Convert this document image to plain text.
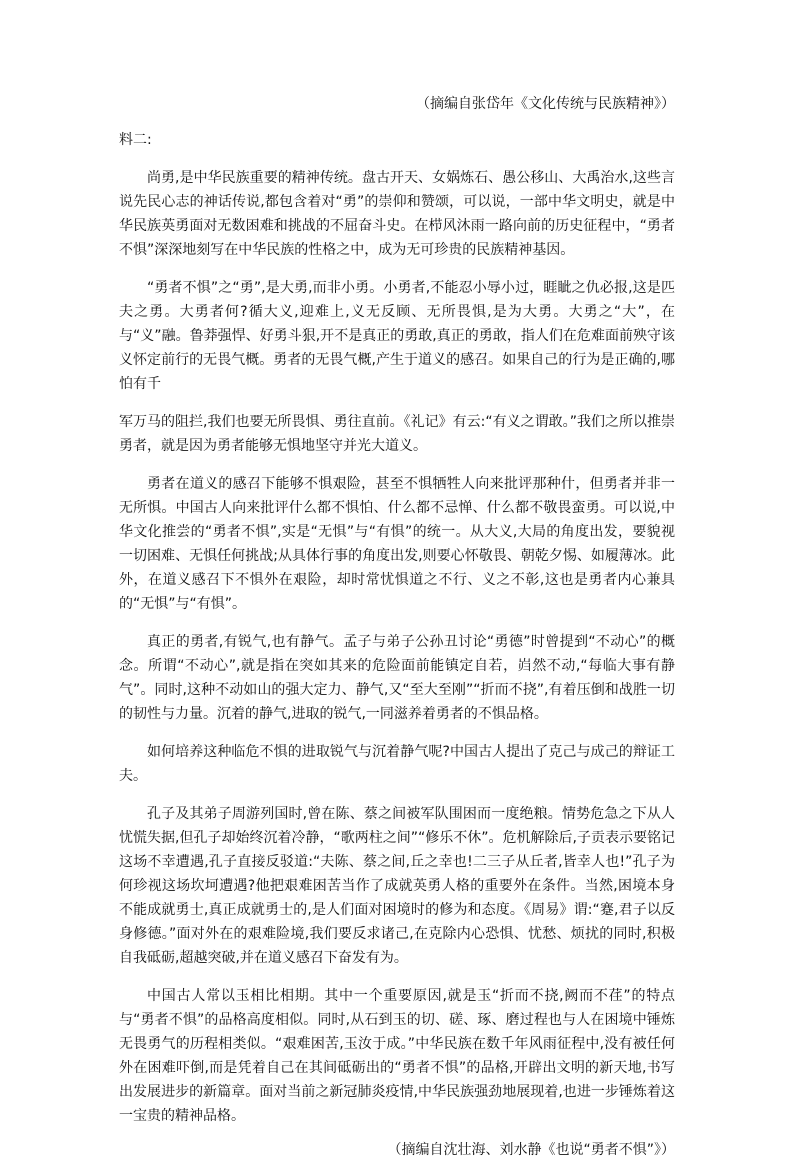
（摘编自张岱年《文化传统与民族精神》）
料二:
尚勇,是中华民族重要的精神传统。盘古开天、女娲炼石、愚公移山、大禹治水,这些言说先民心志的神话传说,都包含着对“勇”的崇仰和赞颂，可以说，一部中华文明史，就是中华民族英勇面对无数困难和挑战的不屈奋斗史。在栉风沐雨一路向前的历史征程中，“勇者不惧”深深地刻写在中华民族的性格之中，成为无可珍贵的民族精神基因。
“勇者不惧”之“勇”,是大勇,而非小勇。小勇者,不能忍小辱小过，睚眦之仇必报,这是匹夫之勇。大勇者何?循大义,迎难上,义无反顾、无所畏惧,是为大勇。大勇之“大”，在与“义”融。鲁莽强悍、好勇斗狠,开不是真正的勇敢,真正的勇敢，指人们在危难面前殃守该义怀定前行的无畏气概。勇者的无畏气概,产生于道义的感召。如果自己的行为是正确的,哪怕有千
军万马的阻拦,我们也要无所畏惧、勇往直前。《礼记》有云:“有义之谓敢。”我们之所以推崇勇者，就是因为勇者能够无惧地坚守并光大道义。
勇者在道义的感召下能够不惧艰险，甚至不惧牺牲人向来批评那种什，但勇者并非一无所惧。中国古人向来批评什么都不惧怕、什么都不忌惮、什么都不敬畏蛮勇。可以说,中华文化推尝的“勇者不惧”,实是“无惧”与“有惧”的统一。从大义,大局的角度出发，要貌视一切困难、无惧任何挑战;从具体行事的角度出发,则要心怀敬畏、朝乾夕惕、如履薄冰。此外，在道义感召下不惧外在艰险，却时常忧惧道之不行、义之不彰,这也是勇者内心兼具的“无惧”与“有惧”。
真正的勇者,有锐气,也有静气。孟子与弟子公孙丑讨论“勇德”时曾提到“不动心”的概念。所谓“不动心”,就是指在突如其来的危险面前能镇定自若，岿然不动,“每临大事有静气”。同时,这种不动如山的强大定力、静气,又“至大至刚”“折而不挠”,有着压倒和战胜一切的韧性与力量。沉着的静气,进取的锐气,一同滋养着勇者的不惧品格。
如何培养这种临危不惧的进取锐气与沉着静气呢?中国古人提出了克己与成己的辩证工夫。
孔子及其弟子周游列国时,曾在陈、蔡之间被军队围困而一度绝粮。情势危急之下从人忧慌失据,但孔子却始终沉着冷静，“歌两柱之间”“修乐不休”。危机解除后,子贡表示要铭记这场不幸遭遇,孔子直接反驳道:“夫陈、蔡之间,丘之幸也!二三子从丘者,皆幸人也!”孔子为何珍视这场坎坷遭遇?他把艰难困苦当作了成就英勇人格的重要外在条件。当然,困境本身不能成就勇士,真正成就勇士的,是人们面对困境时的修为和态度。《周易》谓:“蹇,君子以反身修德。”面对外在的艰难险境,我们要反求诸己,在克除内心恐惧、忧愁、烦扰的同时,积极自我砥砺,超越突破,并在道义感召下奋发有为。
中国古人常以玉相比相期。其中一个重要原因,就是玉“折而不挠,阙而不荏”的特点与“勇者不惧”的品格高度相似。同时,从石到玉的切、磋、琢、磨过程也与人在困境中锤炼无畏勇气的历程相类似。“艰难困苦,玉汝于成。”中华民族在数千年风雨征程中,没有被任何外在困难吓倒,而是凭着自己在其间砥砺出的“勇者不惧”的品格,开辟出文明的新天地,书写出发展进步的新篇章。面对当前之新冠肺炎疫情,中华民族强劲地展现着,也进一步锤炼着这一宝贵的精神品格。
（摘编自沈壮海、刘水静《也说“勇者不惧”》）
